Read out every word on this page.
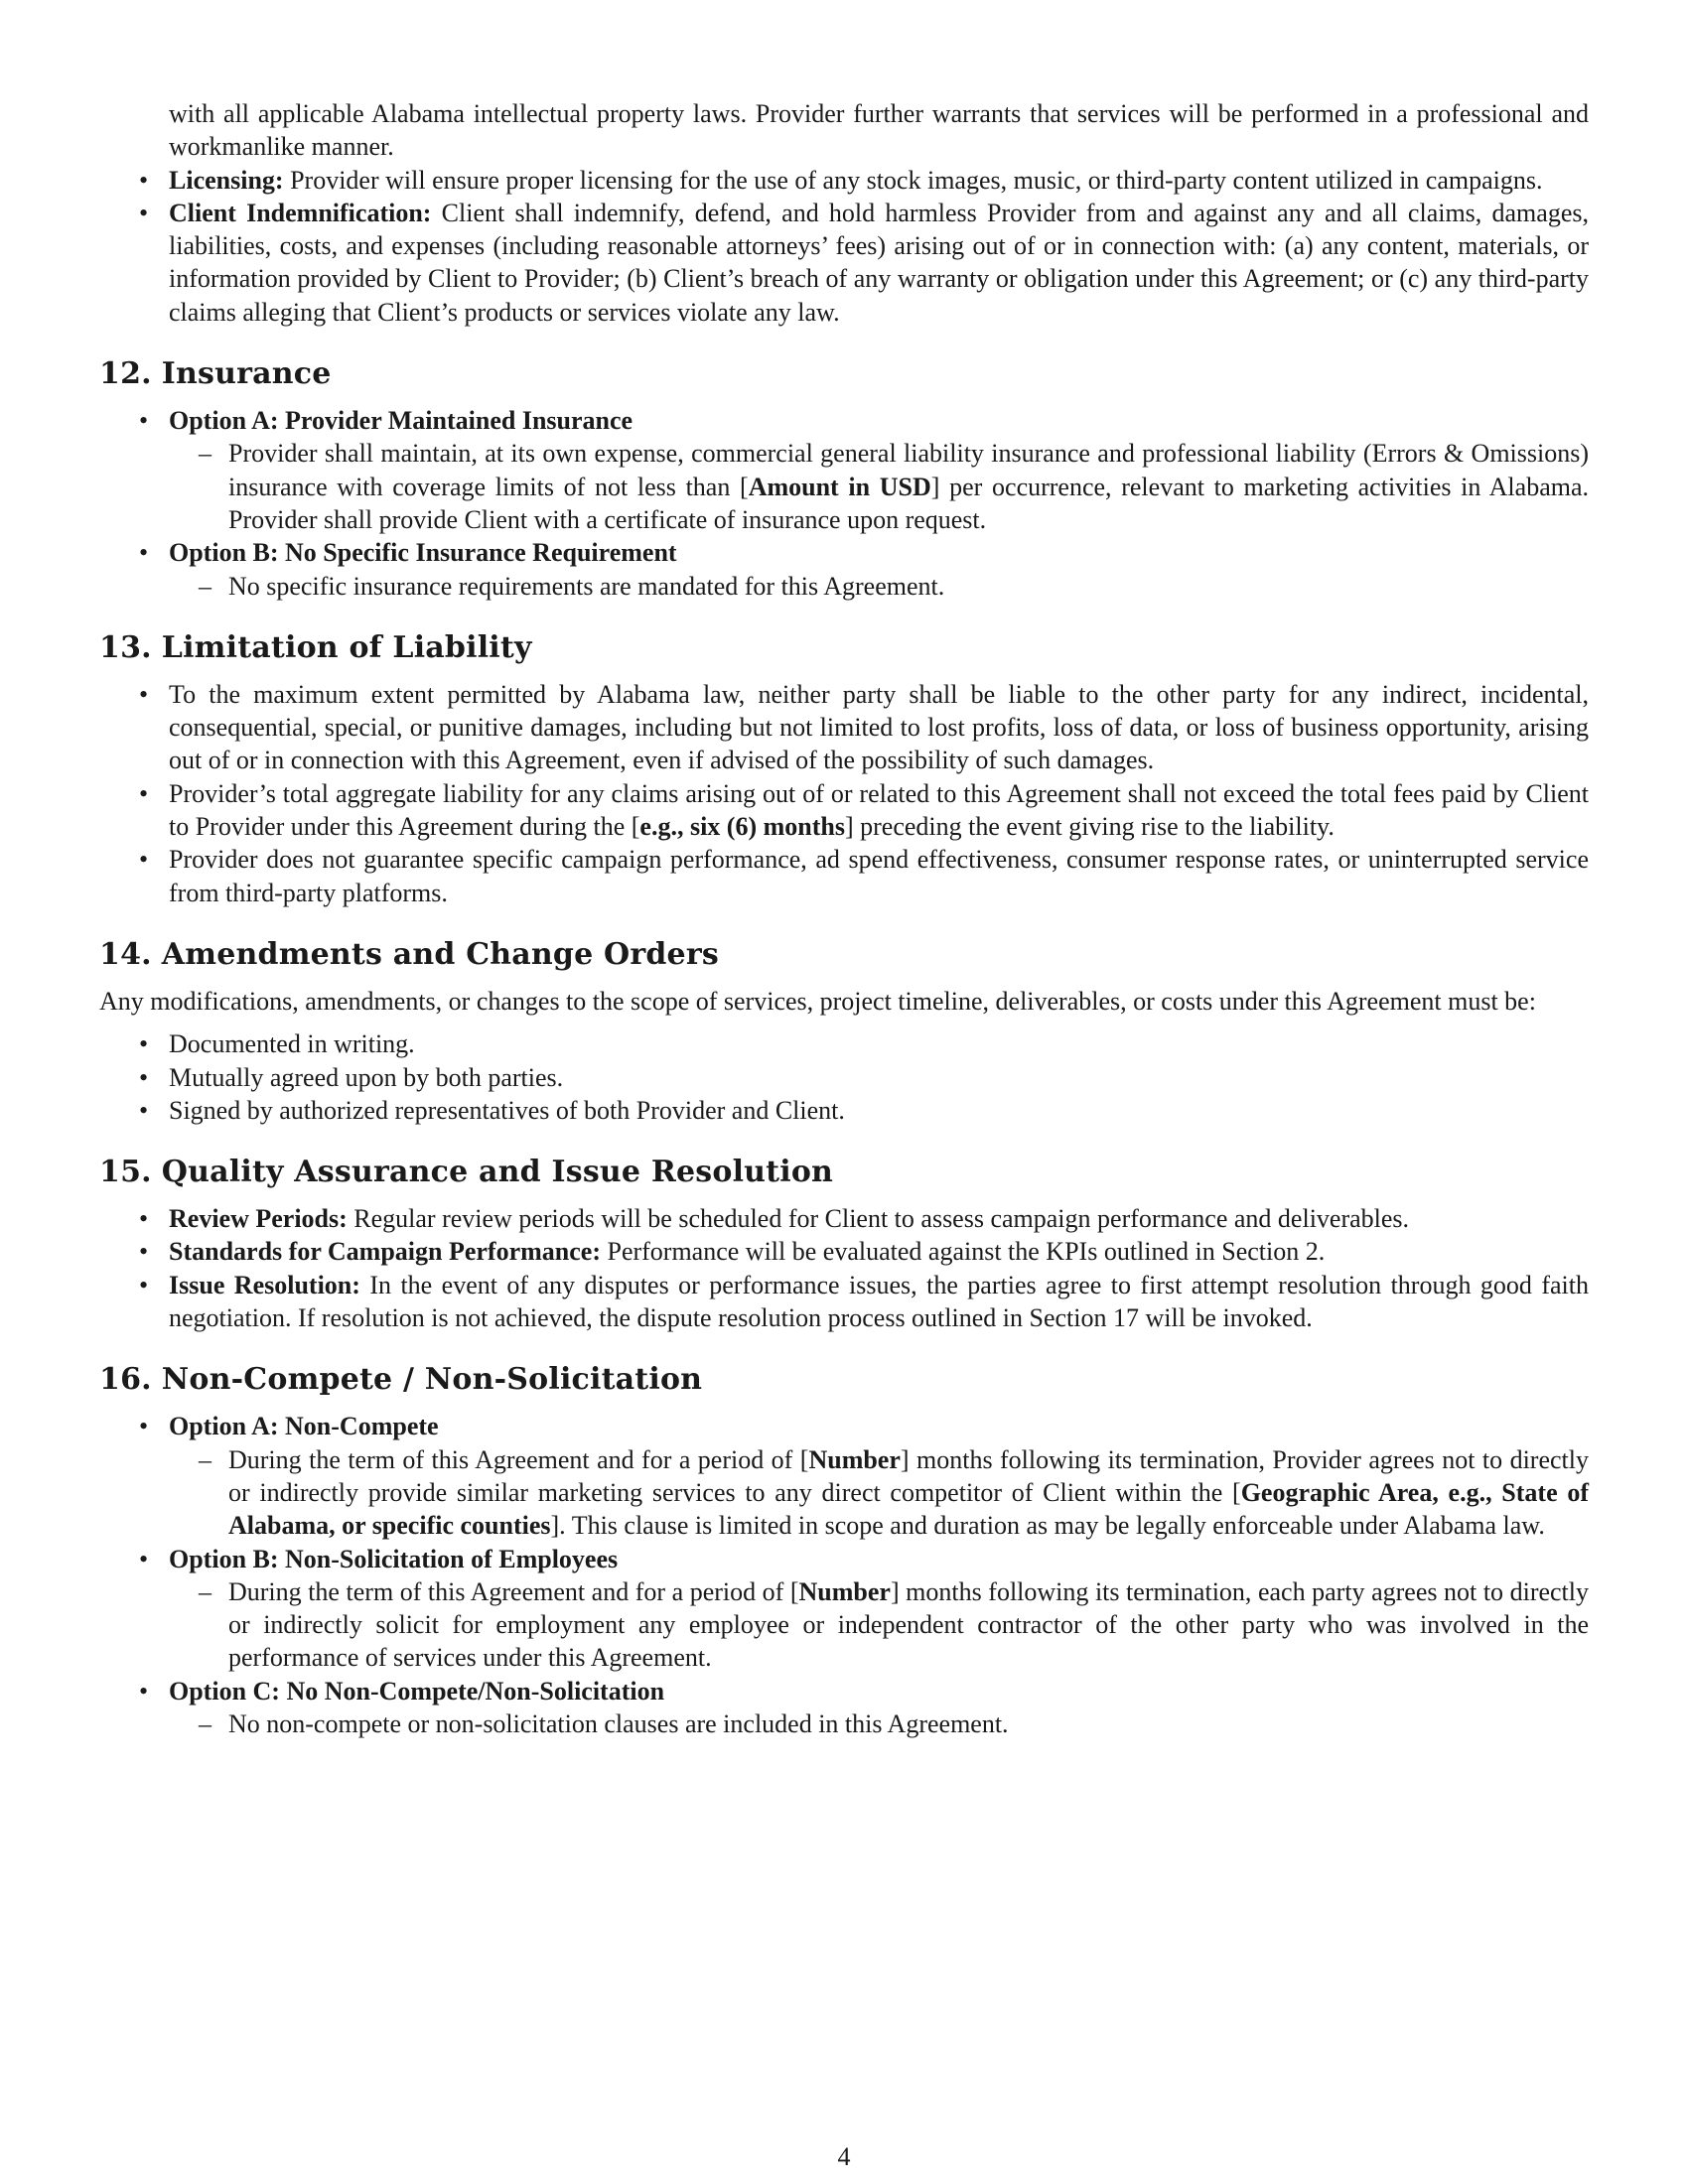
with all applicable Alabama intellectual property laws. Provider further warrants that services will be performed in a professional and workmanlike manner.
• Licensing: Provider will ensure proper licensing for the use of any stock images, music, or third-party content utilized in campaigns.
• Client Indemnification: Client shall indemnify, defend, and hold harmless Provider from and against any and all claims, damages, liabilities, costs, and expenses (including reasonable attorneys’ fees) arising out of or in connection with: (a) any content, materials, or information provided by Client to Provider; (b) Client’s breach of any warranty or obligation under this Agreement; or (c) any third-party claims alleging that Client’s products or services violate any law.
12. Insurance
• Option A: Provider Maintained Insurance
– Provider shall maintain, at its own expense, commercial general liability insurance and professional liability (Errors & Omissions) insurance with coverage limits of not less than [Amount in USD] per occurrence, relevant to marketing activities in Alabama. Provider shall provide Client with a certificate of insurance upon request.
• Option B: No Specific Insurance Requirement
– No specific insurance requirements are mandated for this Agreement.
13. Limitation of Liability
• To the maximum extent permitted by Alabama law, neither party shall be liable to the other party for any indirect, incidental, consequential, special, or punitive damages, including but not limited to lost profits, loss of data, or loss of business opportunity, arising out of or in connection with this Agreement, even if advised of the possibility of such damages.
• Provider’s total aggregate liability for any claims arising out of or related to this Agreement shall not exceed the total fees paid by Client to Provider under this Agreement during the [e.g., six (6) months] preceding the event giving rise to the liability.
• Provider does not guarantee specific campaign performance, ad spend effectiveness, consumer response rates, or uninterrupted service from third-party platforms.
14. Amendments and Change Orders

Any modifications, amendments, or changes to the scope of services, project timeline, deliverables, or costs under this Agreement must be:

• Documented in writing.
• Mutually agreed upon by both parties.
• Signed by authorized representatives of both Provider and Client.
15. Quality Assurance and Issue Resolution
• Review Periods: Regular review periods will be scheduled for Client to assess campaign performance and deliverables.
• Standards for Campaign Performance: Performance will be evaluated against the KPIs outlined in Section 2.
• Issue Resolution: In the event of any disputes or performance issues, the parties agree to first attempt resolution through good faith negotiation. If resolution is not achieved, the dispute resolution process outlined in Section 17 will be invoked.
16. Non-Compete / Non-Solicitation
• Option A: Non-Compete
– During the term of this Agreement and for a period of [Number] months following its termination, Provider agrees not to directly or indirectly provide similar marketing services to any direct competitor of Client within the [Geographic Area, e.g., State of Alabama, or specific counties]. This clause is limited in scope and duration as may be legally enforceable under Alabama law.
• Option B: Non-Solicitation of Employees
– During the term of this Agreement and for a period of [Number] months following its termination, each party agrees not to directly or indirectly solicit for employment any employee or independent contractor of the other party who was involved in the performance of services under this Agreement.
• Option C: No Non-Compete/Non-Solicitation
– No non-compete or non-solicitation clauses are included in this Agreement.
4
